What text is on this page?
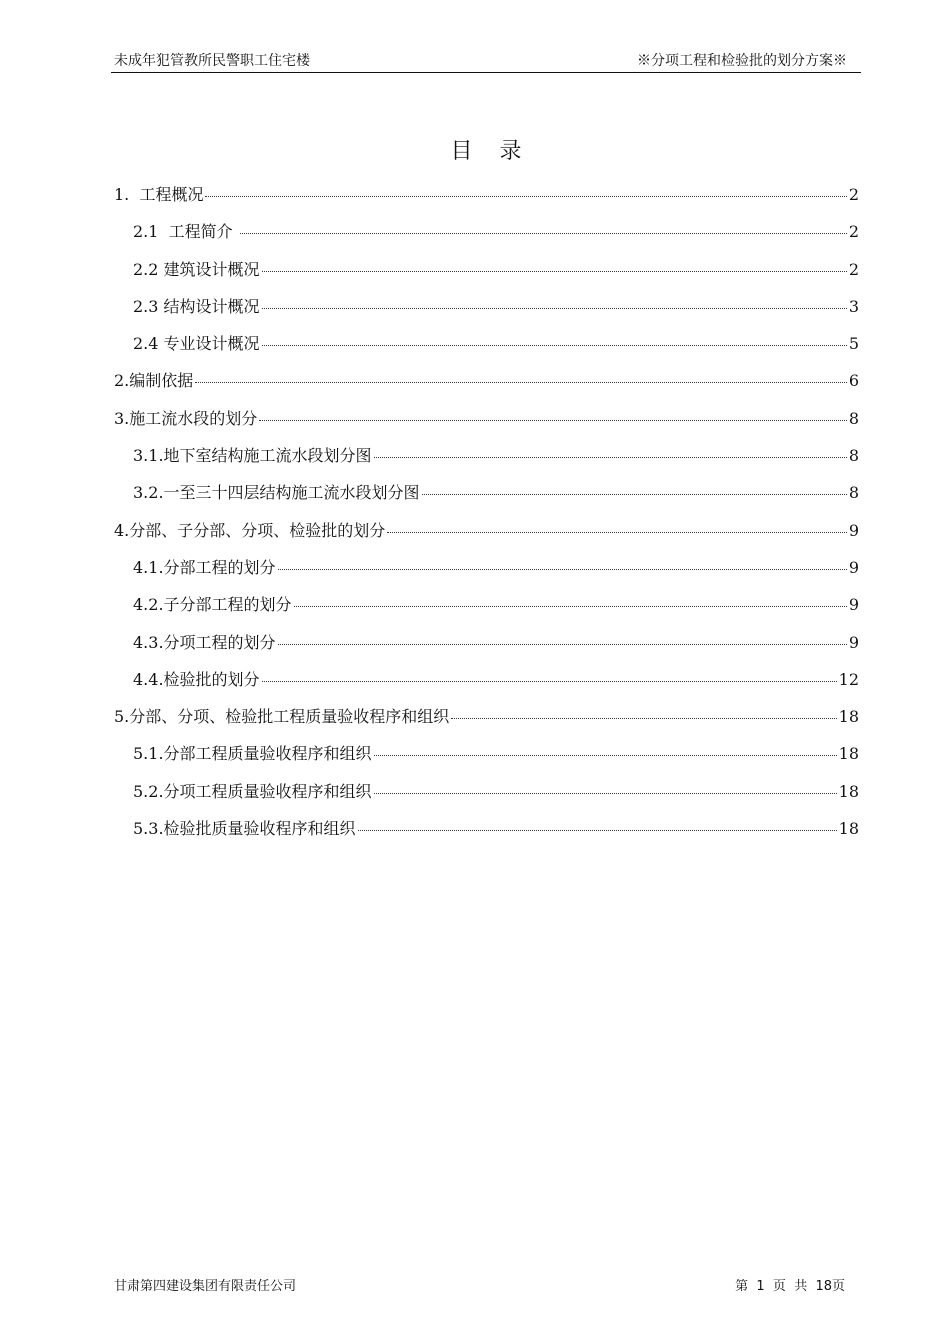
未成年犯管教所民警职工住宅楼	※分项工程和检验批的划分方案※
目 录
1.  工程概况	2
2.1  工程简介	2
2.2 建筑设计概况	2
2.3 结构设计概况	3
2.4 专业设计概况	5
2.编制依据	6
3.施工流水段的划分	8
3.1.地下室结构施工流水段划分图	8
3.2.一至三十四层结构施工流水段划分图	8
4.分部、子分部、分项、检验批的划分	9
4.1.分部工程的划分	9
4.2.子分部工程的划分	9
4.3.分项工程的划分	9
4.4.检验批的划分	12
5.分部、分项、检验批工程质量验收程序和组织	18
5.1.分部工程质量验收程序和组织	18
5.2.分项工程质量验收程序和组织	18
5.3.检验批质量验收程序和组织	18
甘肃第四建设集团有限责任公司	第  1  页  共  18页
